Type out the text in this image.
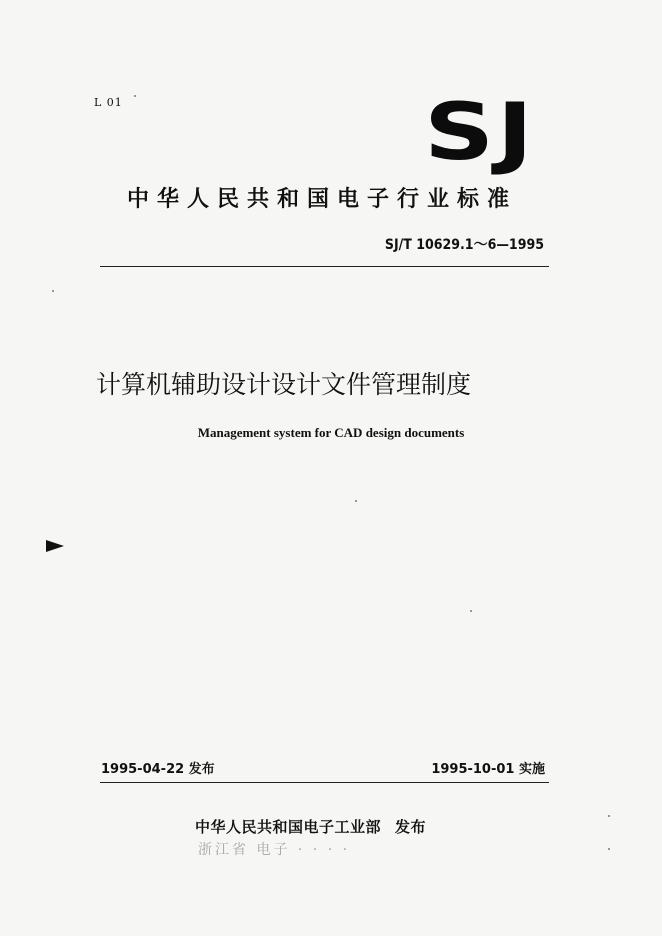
L 01	SJ
中华人民共和国电子行业标准
SJ/T 10629.1～6—1995
计算机辅助设计设计文件管理制度
Management system for CAD design documents
1995-04-22 发布	1995-10-01 实施
中华人民共和国电子工业部 发布
浙江省 电子 · · · ·
